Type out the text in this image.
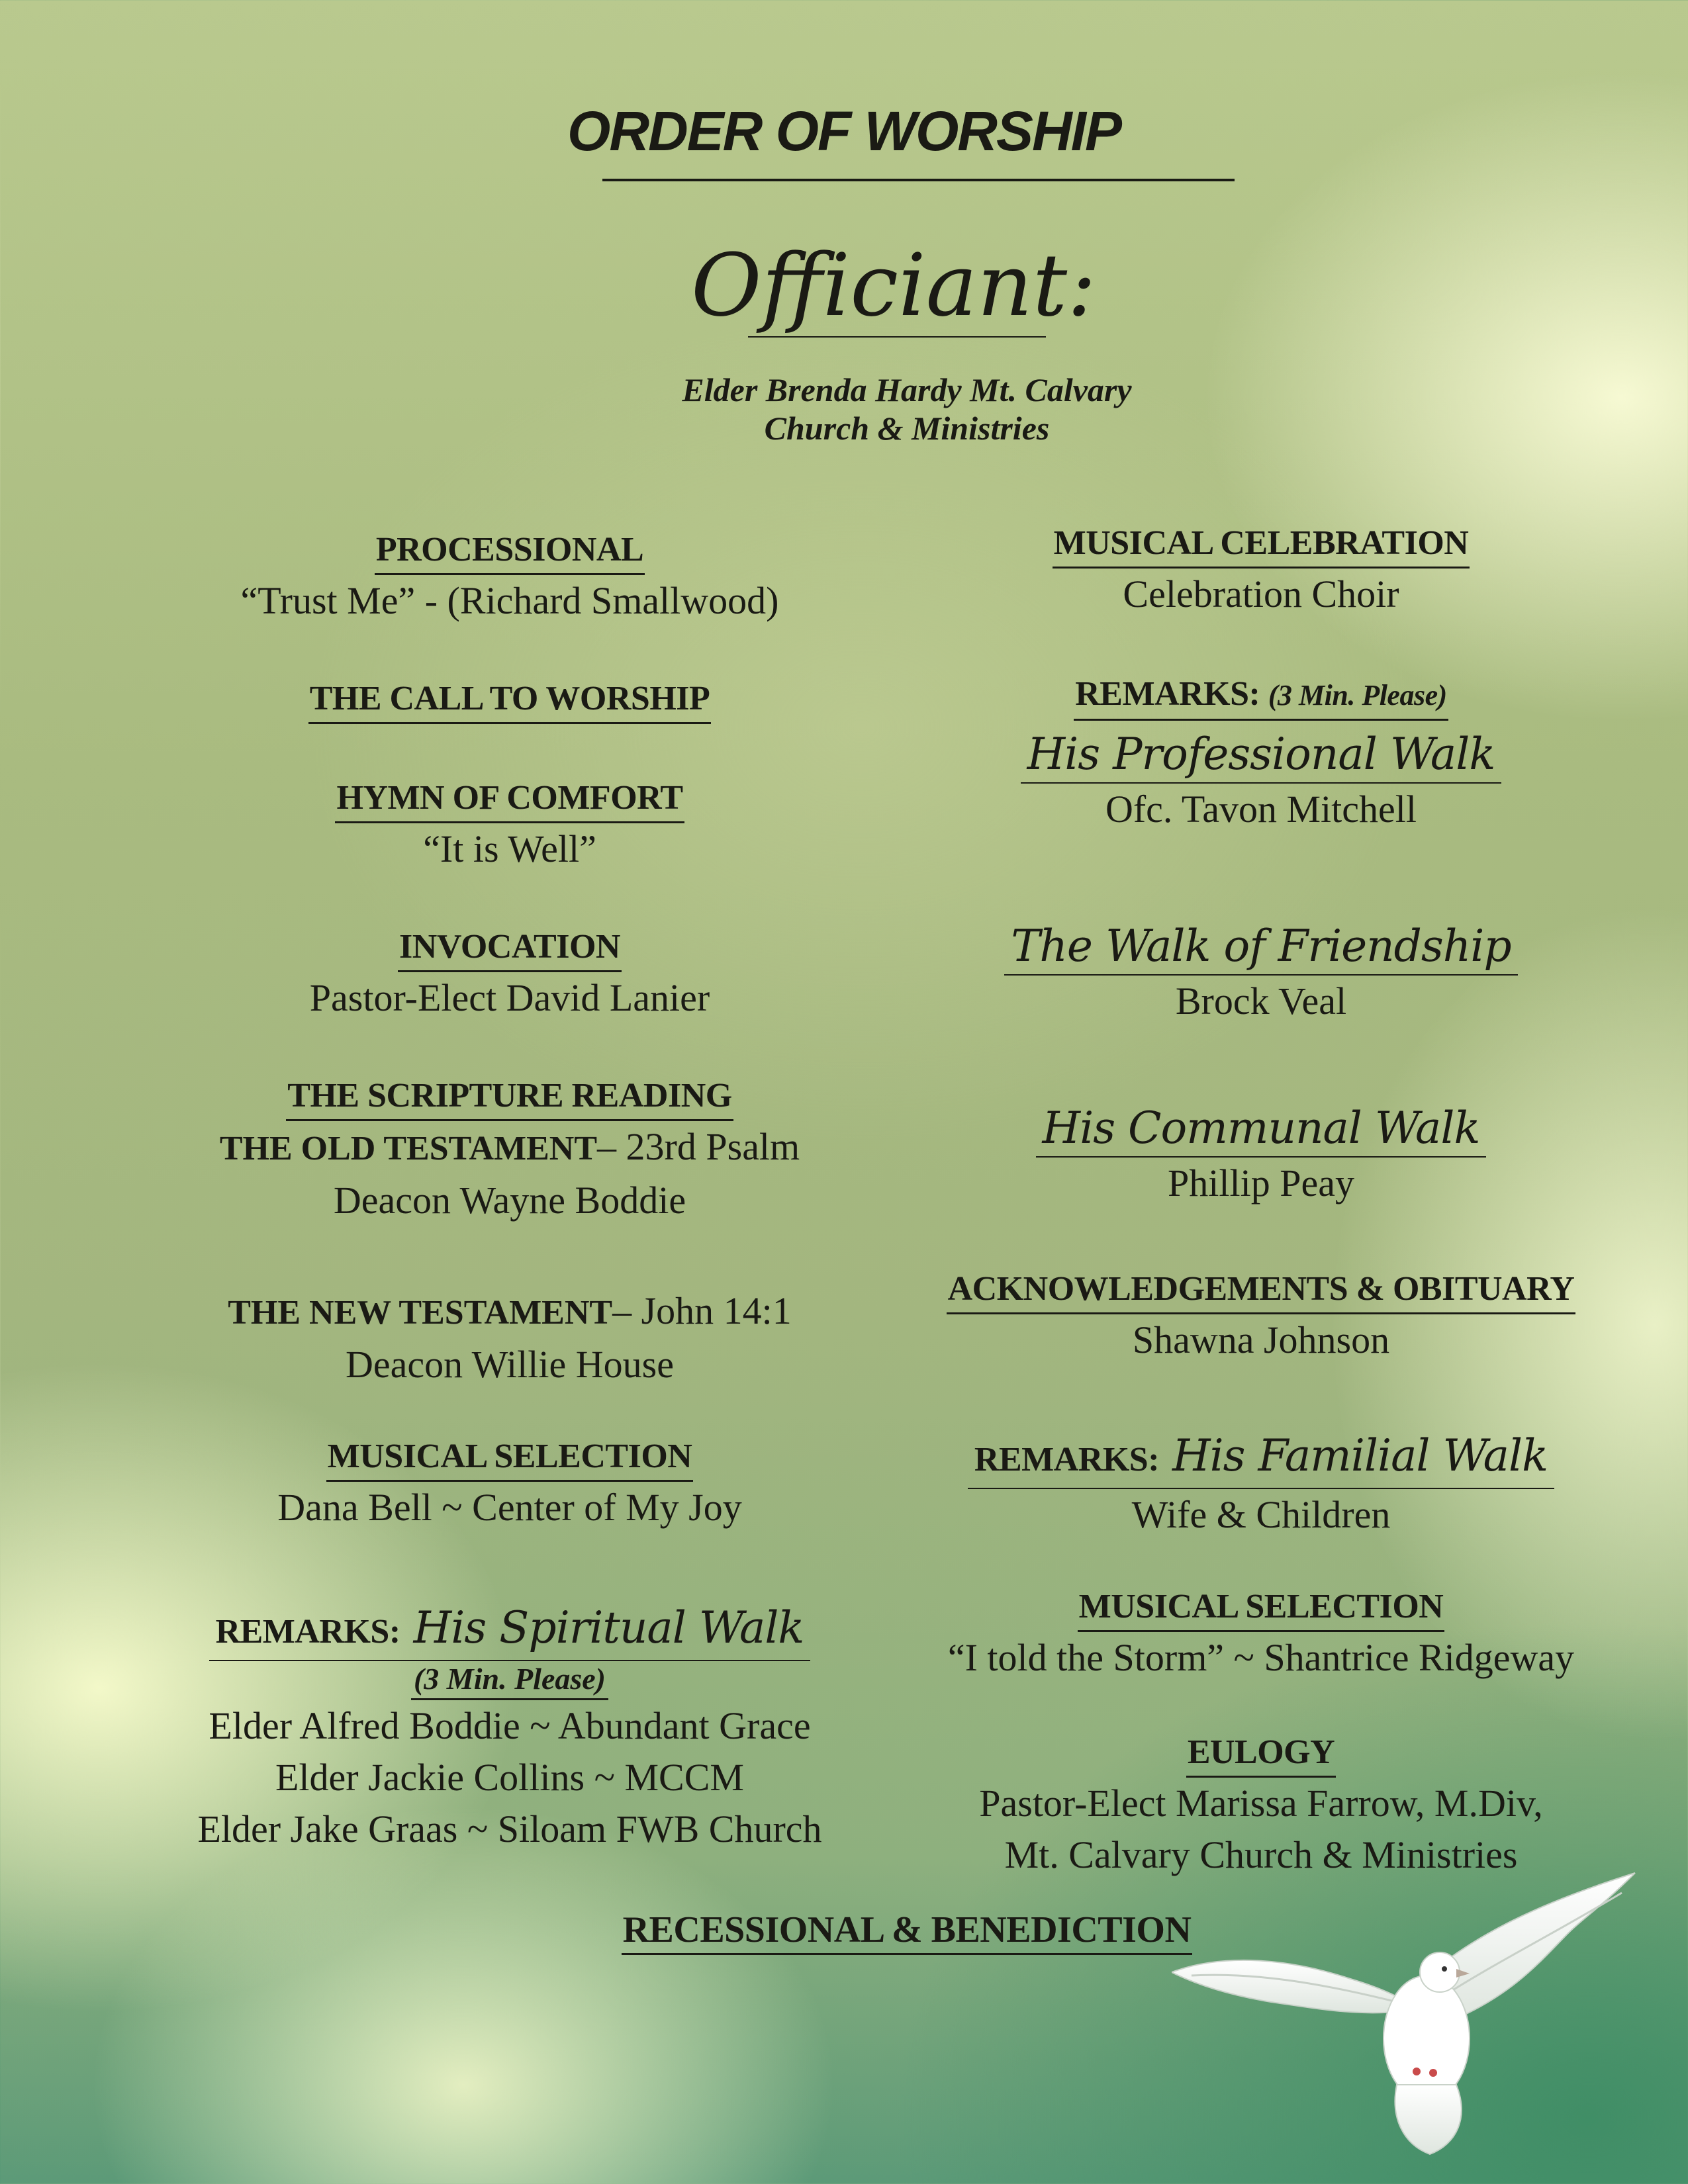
ORDER OF WORSHIP
Officiant:
Elder Brenda Hardy Mt. Calvary
Church & Ministries
PROCESSIONAL
“Trust Me” - (Richard Smallwood)
THE CALL TO WORSHIP
HYMN OF COMFORT
“It is Well”
INVOCATION
Pastor-Elect David Lanier
THE SCRIPTURE READING
THE OLD TESTAMENT– 23rd Psalm
Deacon Wayne Boddie
THE NEW TESTAMENT– John 14:1
Deacon Willie House
MUSICAL SELECTION
Dana Bell ~ Center of My Joy
REMARKS: His Spiritual Walk
(3 Min. Please)
Elder Alfred Boddie ~ Abundant Grace
Elder Jackie Collins ~ MCCM
Elder Jake Graas ~ Siloam FWB Church
MUSICAL CELEBRATION
Celebration Choir
REMARKS: (3 Min. Please)
His Professional Walk
Ofc. Tavon Mitchell
The Walk of Friendship
Brock Veal
His Communal Walk
Phillip Peay
ACKNOWLEDGEMENTS & OBITUARY
Shawna Johnson
REMARKS: His Familial Walk
Wife & Children
MUSICAL SELECTION
“I told the Storm” ~ Shantrice Ridgeway
EULOGY
Pastor-Elect Marissa Farrow, M.Div,
Mt. Calvary Church & Ministries
RECESSIONAL & BENEDICTION
